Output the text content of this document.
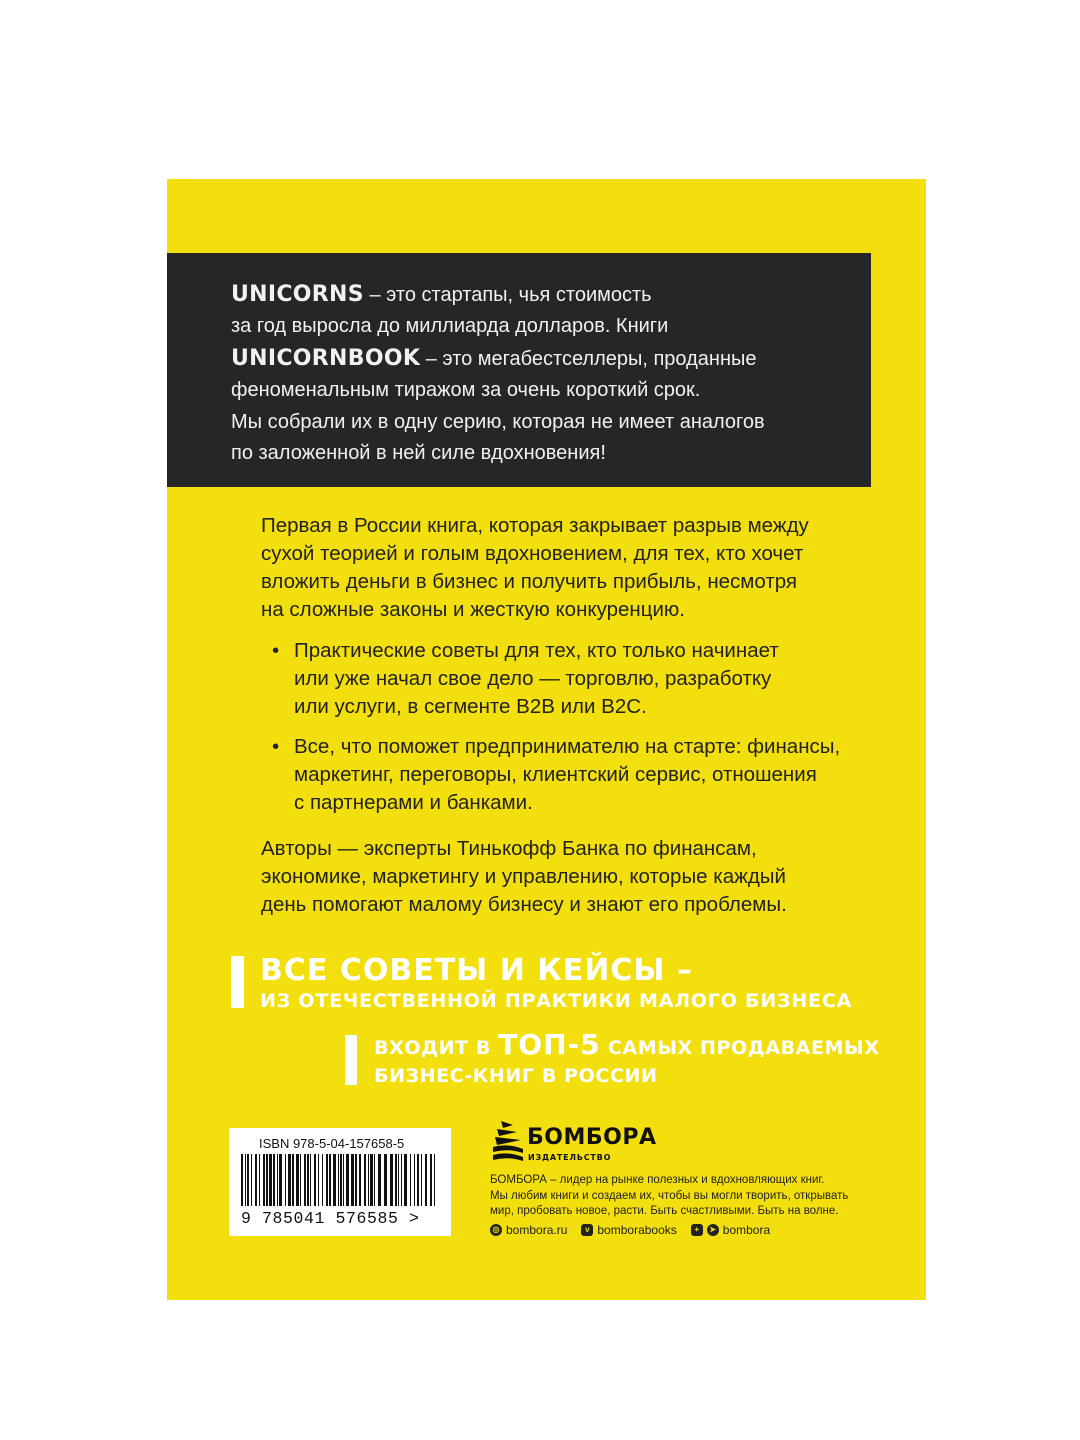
UNICORNS – это стартапы, чья стоимость
за год выросла до миллиарда долларов. Книги
UNICORNBOOK – это мегабестселлеры, проданные
феноменальным тиражом за очень короткий срок.
Мы собрали их в одну серию, которая не имеет аналогов
по заложенной в ней силе вдохновения!
Первая в России книга, которая закрывает разрыв между
сухой теорией и голым вдохновением, для тех, кто хочет
вложить деньги в бизнес и получить прибыль, несмотря
на сложные законы и жесткую конкуренцию.
• Практические советы для тех, кто только начинает
или уже начал свое дело — торговлю, разработку
или услуги, в сегменте B2B или B2C.
• Все, что поможет предпринимателю на старте: финансы,
маркетинг, переговоры, клиентский сервис, отношения
с партнерами и банками.
Авторы — эксперты Тинькофф Банка по финансам,
экономике, маркетингу и управлению, которые каждый
день помогают малому бизнесу и знают его проблемы.
ВСЕ СОВЕТЫ И КЕЙСЫ –
ИЗ ОТЕЧЕСТВЕННОЙ ПРАКТИКИ МАЛОГО БИЗНЕСА
ВХОДИТ В ТОП-5 САМЫХ ПРОДАВАЕМЫХ
БИЗНЕС-КНИГ В РОССИИ
ISBN 978-5-04-157658-5
9 785041 576585 >
БОМБОРА
ИЗДАТЕЛЬСТВО
БОМБОРА – лидер на рынке полезных и вдохновляющих книг.
Мы любим книги и создаем их, чтобы вы могли творить, открывать
мир, пробовать новое, расти. Быть счастливыми. Быть на волне.
◎ bombora.ru	v bomborabooks	+	➤ bombora
